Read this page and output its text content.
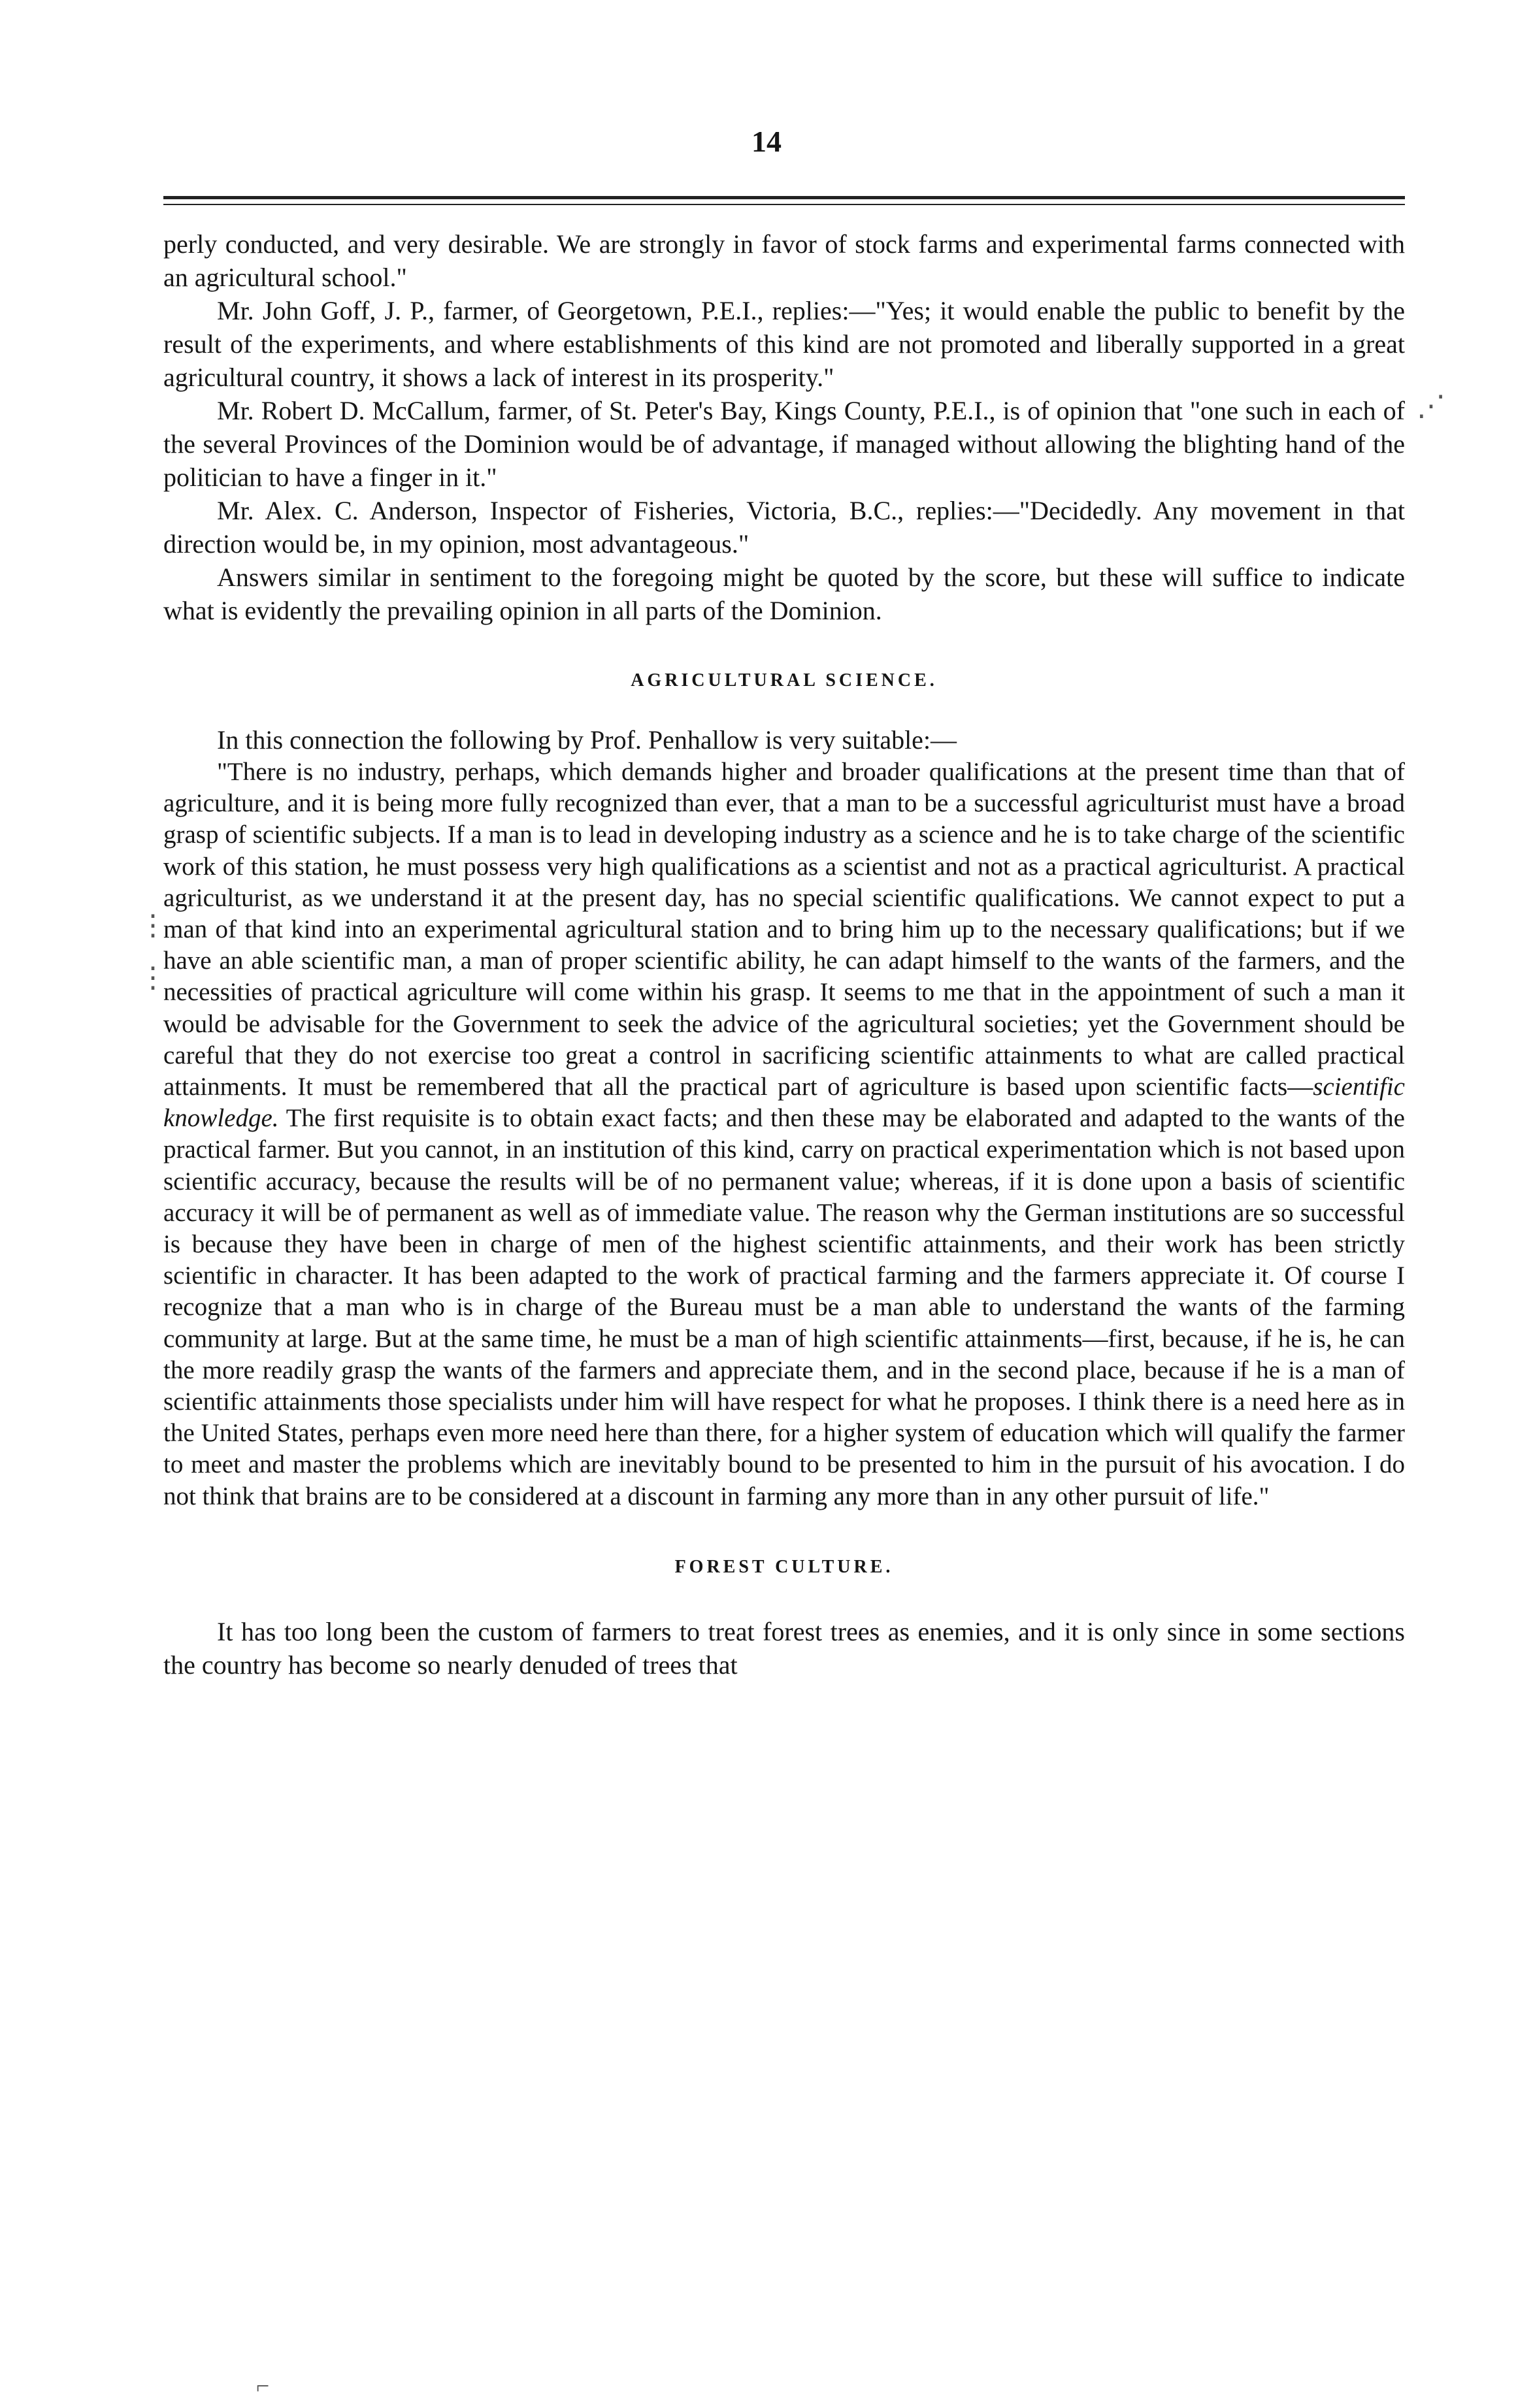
14

perly conducted, and very desirable. We are strongly in favor of stock farms and experimental farms connected with an agricultural school."

Mr. John Goff, J. P., farmer, of Georgetown, P.E.I., replies:—"Yes; it would enable the public to benefit by the result of the experiments, and where establishments of this kind are not promoted and liberally supported in a great agricultural country, it shows a lack of interest in its prosperity."

Mr. Robert D. McCallum, farmer, of St. Peter's Bay, Kings County, P.E.I., is of opinion that "one such in each of the several Provinces of the Dominion would be of advantage, if managed without allowing the blighting hand of the politician to have a finger in it."

Mr. Alex. C. Anderson, Inspector of Fisheries, Victoria, B.C., replies:—"Decidedly. Any movement in that direction would be, in my opinion, most advantageous."

Answers similar in sentiment to the foregoing might be quoted by the score, but these will suffice to indicate what is evidently the prevailing opinion in all parts of the Dominion.

AGRICULTURAL SCIENCE.

In this connection the following by Prof. Penhallow is very suitable:—

"There is no industry, perhaps, which demands higher and broader qualifications at the present time than that of agriculture, and it is being more fully recognized than ever, that a man to be a successful agriculturist must have a broad grasp of scientific subjects. If a man is to lead in developing industry as a science and he is to take charge of the scientific work of this station, he must possess very high qualifications as a scientist and not as a practical agriculturist. A practical agriculturist, as we understand it at the present day, has no special scientific qualifications. We cannot expect to put a man of that kind into an experimental agricultural station and to bring him up to the necessary qualifications; but if we have an able scientific man, a man of proper scientific ability, he can adapt himself to the wants of the farmers, and the necessities of practical agriculture will come within his grasp. It seems to me that in the appointment of such a man it would be advisable for the Government to seek the advice of the agricultural societies; yet the Government should be careful that they do not exercise too great a control in sacrificing scientific attainments to what are called practical attainments. It must be remembered that all the practical part of agriculture is based upon scientific facts—scientific knowledge. The first requisite is to obtain exact facts; and then these may be elaborated and adapted to the wants of the practical farmer. But you cannot, in an institution of this kind, carry on practical experimentation which is not based upon scientific accuracy, because the results will be of no permanent value; whereas, if it is done upon a basis of scientific accuracy it will be of permanent as well as of immediate value. The reason why the German institutions are so successful is because they have been in charge of men of the highest scientific attainments, and their work has been strictly scientific in character. It has been adapted to the work of practical farming and the farmers appreciate it. Of course I recognize that a man who is in charge of the Bureau must be a man able to understand the wants of the farming community at large. But at the same time, he must be a man of high scientific attainments—first, because, if he is, he can the more readily grasp the wants of the farmers and appreciate them, and in the second place, because if he is a man of scientific attainments those specialists under him will have respect for what he proposes. I think there is a need here as in the United States, perhaps even more need here than there, for a higher system of education which will qualify the farmer to meet and master the problems which are inevitably bound to be presented to him in the pursuit of his avocation. I do not think that brains are to be considered at a discount in farming any more than in any other pursuit of life."

FOREST CULTURE.

It has too long been the custom of farmers to treat forest trees as enemies, and it is only since in some sections the country has become so nearly denuded of trees that

⋰
⋮
⋮
⌐
